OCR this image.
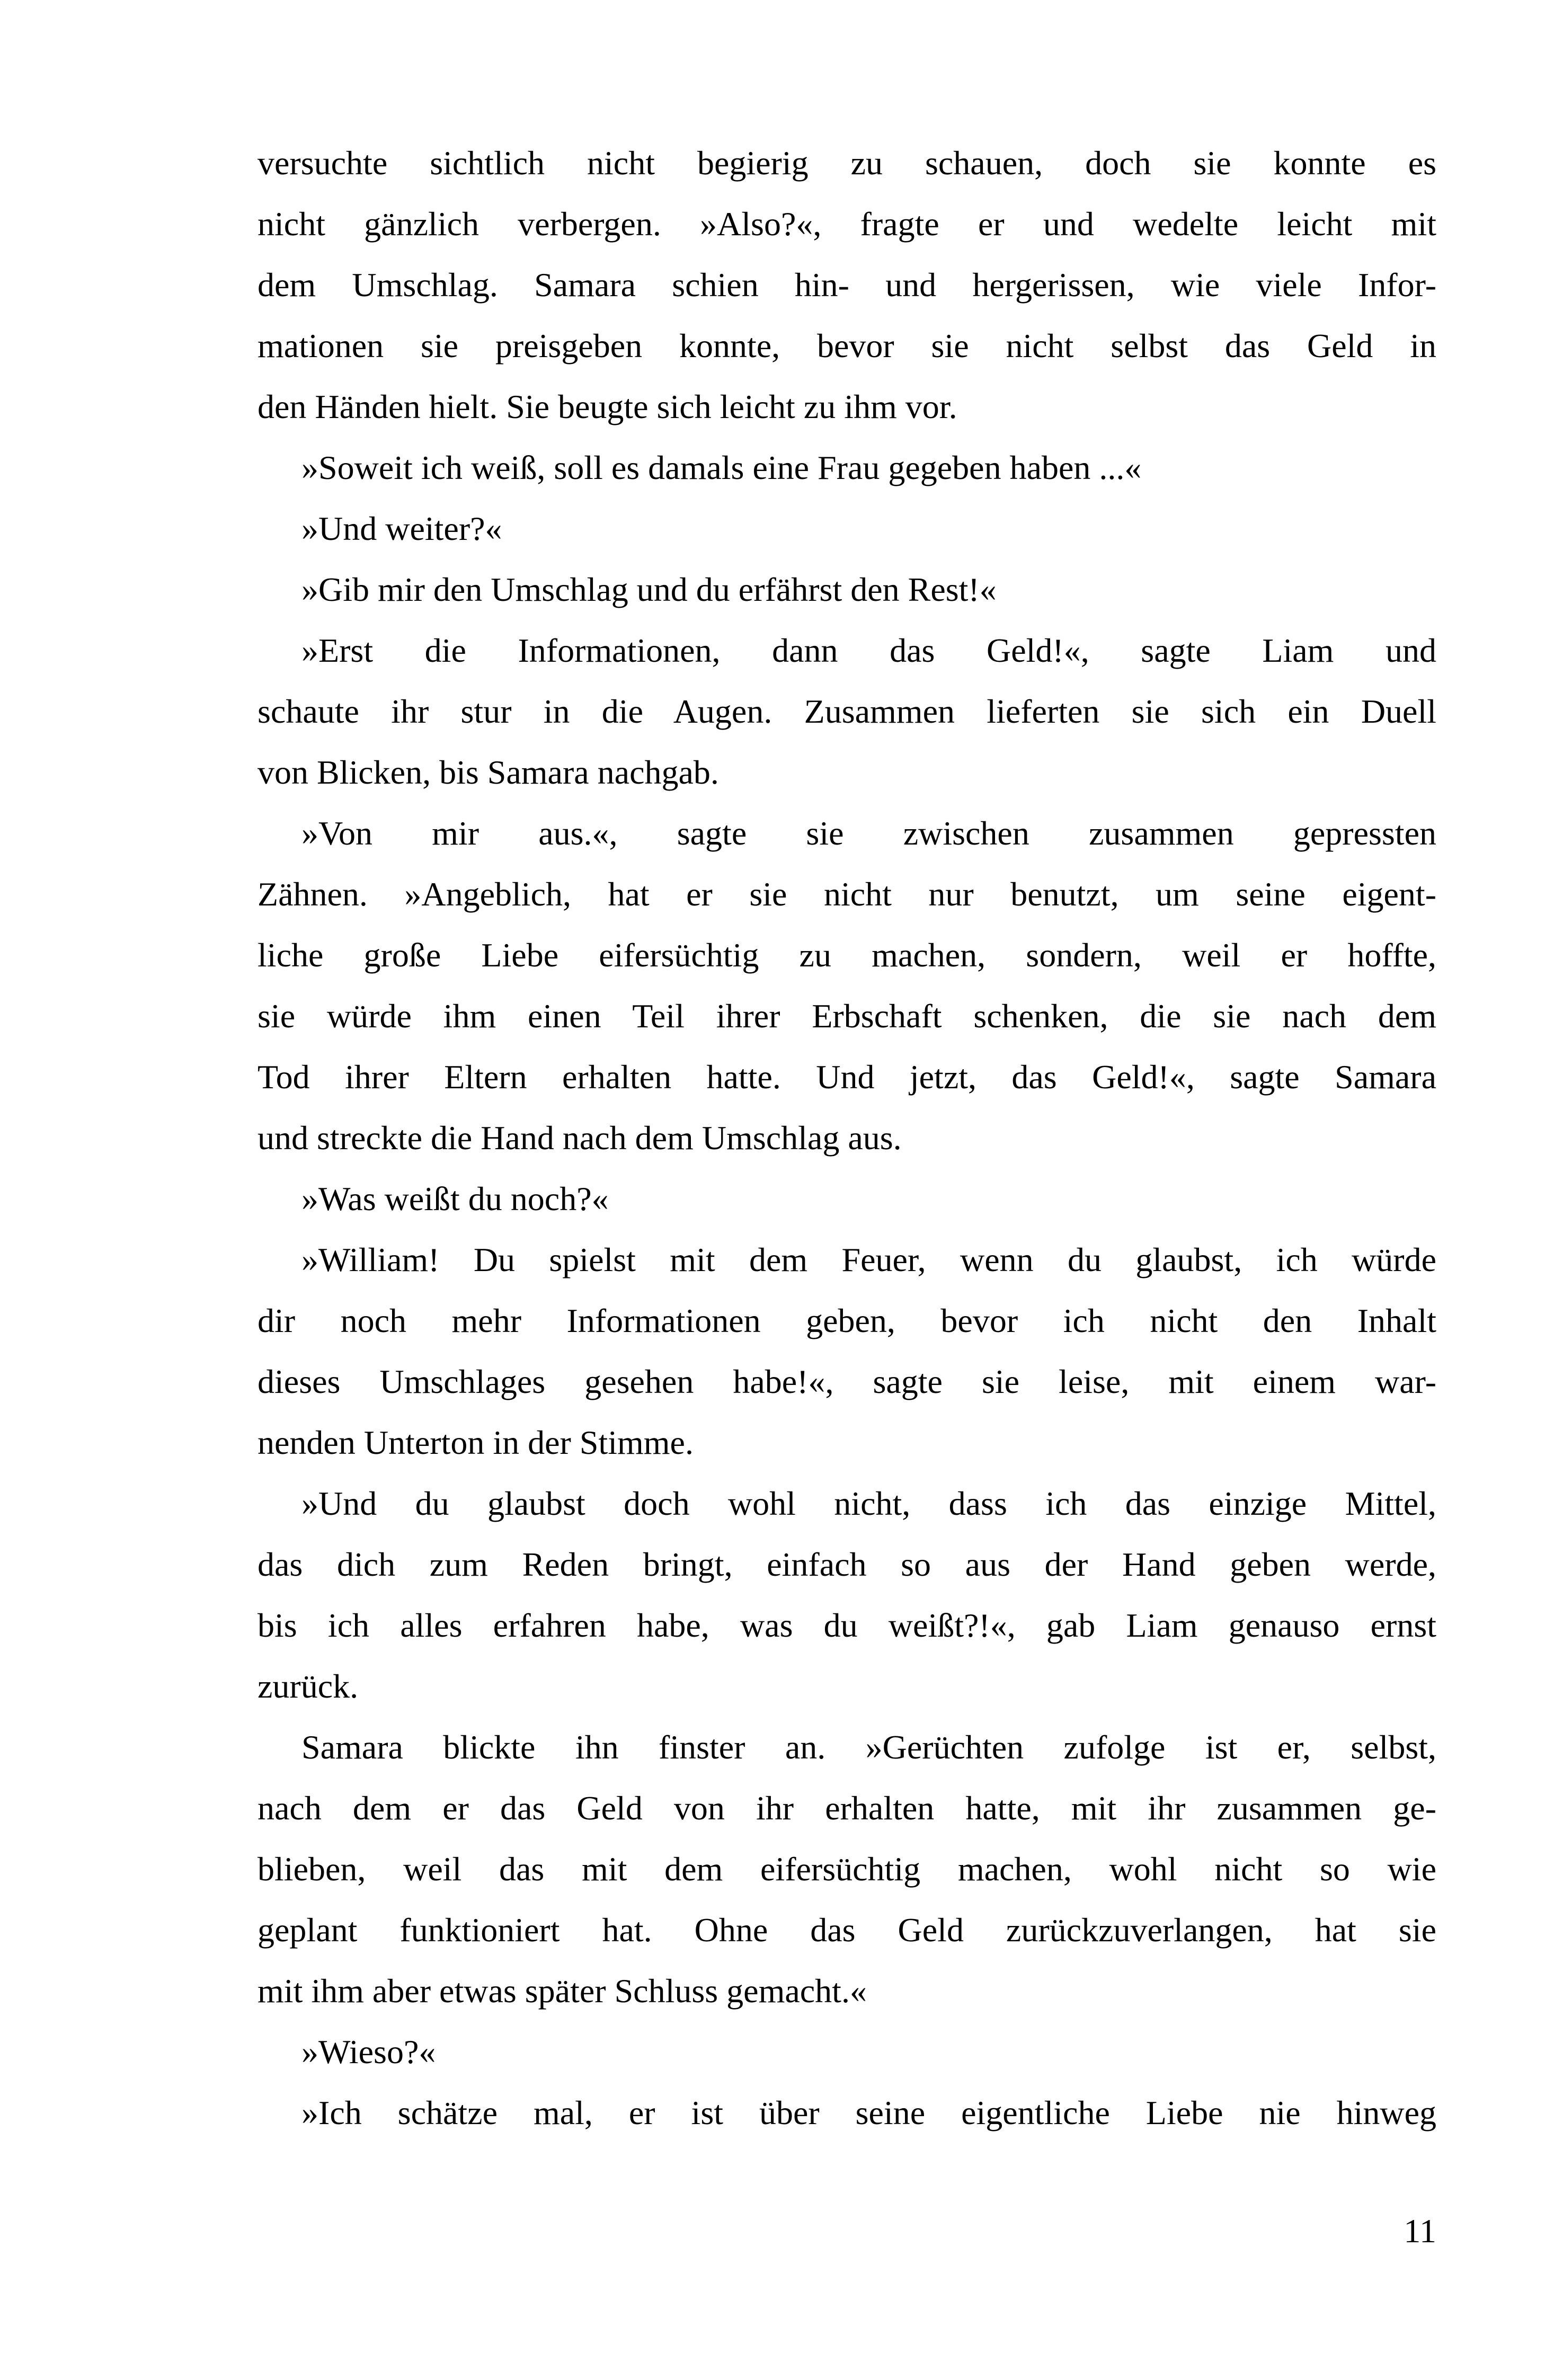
versuchte sichtlich nicht begierig zu schauen, doch sie konnte es
nicht gänzlich verbergen. »Also?«, fragte er und wedelte leicht mit
dem Umschlag. Samara schien hin- und hergerissen, wie viele Infor-
mationen sie preisgeben konnte, bevor sie nicht selbst das Geld in
den Händen hielt. Sie beugte sich leicht zu ihm vor.
»Soweit ich weiß, soll es damals eine Frau gegeben haben ...«
»Und weiter?«
»Gib mir den Umschlag und du erfährst den Rest!«
»Erst die Informationen, dann das Geld!«, sagte Liam und
schaute ihr stur in die Augen. Zusammen lieferten sie sich ein Duell
von Blicken, bis Samara nachgab.
»Von mir aus.«, sagte sie zwischen zusammen gepressten
Zähnen. »Angeblich, hat er sie nicht nur benutzt, um seine eigent-
liche große Liebe eifersüchtig zu machen, sondern, weil er hoffte,
sie würde ihm einen Teil ihrer Erbschaft schenken, die sie nach dem
Tod ihrer Eltern erhalten hatte. Und jetzt, das Geld!«, sagte Samara
und streckte die Hand nach dem Umschlag aus.
»Was weißt du noch?«
»William! Du spielst mit dem Feuer, wenn du glaubst, ich würde
dir noch mehr Informationen geben, bevor ich nicht den Inhalt
dieses Umschlages gesehen habe!«, sagte sie leise, mit einem war-
nenden Unterton in der Stimme.
»Und du glaubst doch wohl nicht, dass ich das einzige Mittel,
das dich zum Reden bringt, einfach so aus der Hand geben werde,
bis ich alles erfahren habe, was du weißt?!«, gab Liam genauso ernst
zurück.
Samara blickte ihn finster an. »Gerüchten zufolge ist er, selbst,
nach dem er das Geld von ihr erhalten hatte, mit ihr zusammen ge-
blieben, weil das mit dem eifersüchtig machen, wohl nicht so wie
geplant funktioniert hat. Ohne das Geld zurückzuverlangen, hat sie
mit ihm aber etwas später Schluss gemacht.«
»Wieso?«
»Ich schätze mal, er ist über seine eigentliche Liebe nie hinweg
11
